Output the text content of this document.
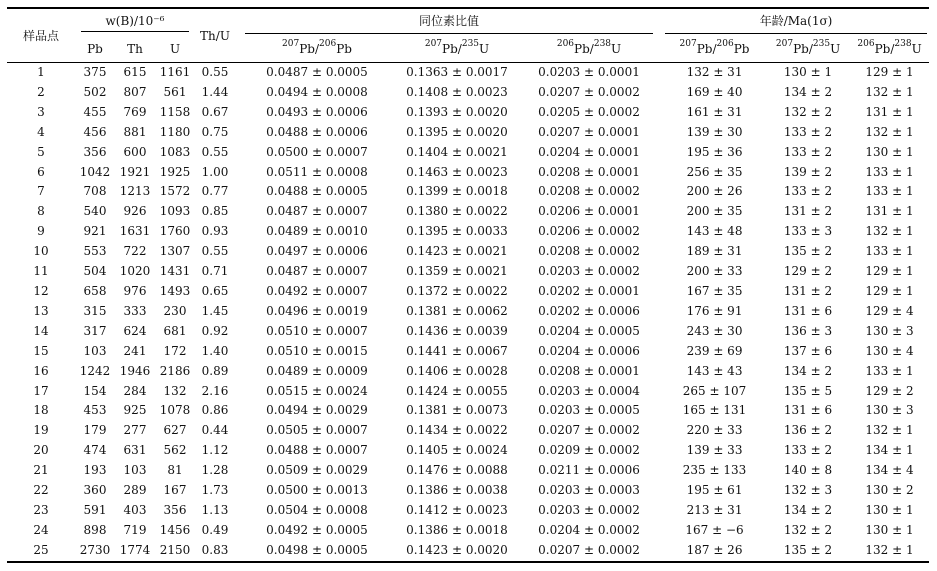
样品点	w(B)/10⁻⁶			Th/U		同位素比值				年龄/Ma(1σ)		

	Pb	Th	U			$^{207}$Pb/$^{206}$Pb	$^{207}$Pb/$^{235}$U	$^{206}$Pb/$^{238}$U		$^{207}$Pb/$^{206}$Pb	$^{207}$Pb/$^{235}$U	$^{206}$Pb/$^{238}$U
1	375	615	1161	0.55		0.0487 ± 0.0005	0.1363 ± 0.0017	0.0203 ± 0.0001		132 ± 31	130 ± 1	129 ± 1
2	502	807	561	1.44		0.0494 ± 0.0008	0.1408 ± 0.0023	0.0207 ± 0.0002		169 ± 40	134 ± 2	132 ± 1
3	455	769	1158	0.67		0.0493 ± 0.0006	0.1393 ± 0.0020	0.0205 ± 0.0002		161 ± 31	132 ± 2	131 ± 1
4	456	881	1180	0.75		0.0488 ± 0.0006	0.1395 ± 0.0020	0.0207 ± 0.0001		139 ± 30	133 ± 2	132 ± 1
5	356	600	1083	0.55		0.0500 ± 0.0007	0.1404 ± 0.0021	0.0204 ± 0.0001		195 ± 36	133 ± 2	130 ± 1
6	1042	1921	1925	1.00		0.0511 ± 0.0008	0.1463 ± 0.0023	0.0208 ± 0.0001		256 ± 35	139 ± 2	133 ± 1
7	708	1213	1572	0.77		0.0488 ± 0.0005	0.1399 ± 0.0018	0.0208 ± 0.0002		200 ± 26	133 ± 2	133 ± 1
8	540	926	1093	0.85		0.0487 ± 0.0007	0.1380 ± 0.0022	0.0206 ± 0.0001		200 ± 35	131 ± 2	131 ± 1
9	921	1631	1760	0.93		0.0489 ± 0.0010	0.1395 ± 0.0033	0.0206 ± 0.0002		143 ± 48	133 ± 3	132 ± 1
10	553	722	1307	0.55		0.0497 ± 0.0006	0.1423 ± 0.0021	0.0208 ± 0.0002		189 ± 31	135 ± 2	133 ± 1
11	504	1020	1431	0.71		0.0487 ± 0.0007	0.1359 ± 0.0021	0.0203 ± 0.0002		200 ± 33	129 ± 2	129 ± 1
12	658	976	1493	0.65		0.0492 ± 0.0007	0.1372 ± 0.0022	0.0202 ± 0.0001		167 ± 35	131 ± 2	129 ± 1
13	315	333	230	1.45		0.0496 ± 0.0019	0.1381 ± 0.0062	0.0202 ± 0.0006		176 ± 91	131 ± 6	129 ± 4
14	317	624	681	0.92		0.0510 ± 0.0007	0.1436 ± 0.0039	0.0204 ± 0.0005		243 ± 30	136 ± 3	130 ± 3
15	103	241	172	1.40		0.0510 ± 0.0015	0.1441 ± 0.0067	0.0204 ± 0.0006		239 ± 69	137 ± 6	130 ± 4
16	1242	1946	2186	0.89		0.0489 ± 0.0009	0.1406 ± 0.0028	0.0208 ± 0.0001		143 ± 43	134 ± 2	133 ± 1
17	154	284	132	2.16		0.0515 ± 0.0024	0.1424 ± 0.0055	0.0203 ± 0.0004		265 ± 107	135 ± 5	129 ± 2
18	453	925	1078	0.86		0.0494 ± 0.0029	0.1381 ± 0.0073	0.0203 ± 0.0005		165 ± 131	131 ± 6	130 ± 3
19	179	277	627	0.44		0.0505 ± 0.0007	0.1434 ± 0.0022	0.0207 ± 0.0002		220 ± 33	136 ± 2	132 ± 1
20	474	631	562	1.12		0.0488 ± 0.0007	0.1405 ± 0.0024	0.0209 ± 0.0002		139 ± 33	133 ± 2	134 ± 1
21	193	103	81	1.28		0.0509 ± 0.0029	0.1476 ± 0.0088	0.0211 ± 0.0006		235 ± 133	140 ± 8	134 ± 4
22	360	289	167	1.73		0.0500 ± 0.0013	0.1386 ± 0.0038	0.0203 ± 0.0003		195 ± 61	132 ± 3	130 ± 2
23	591	403	356	1.13		0.0504 ± 0.0008	0.1412 ± 0.0023	0.0203 ± 0.0002		213 ± 31	134 ± 2	130 ± 1
24	898	719	1456	0.49		0.0492 ± 0.0005	0.1386 ± 0.0018	0.0204 ± 0.0002		167 ± −6	132 ± 2	130 ± 1
25	2730	1774	2150	0.83		0.0498 ± 0.0005	0.1423 ± 0.0020	0.0207 ± 0.0002		187 ± 26	135 ± 2	132 ± 1
